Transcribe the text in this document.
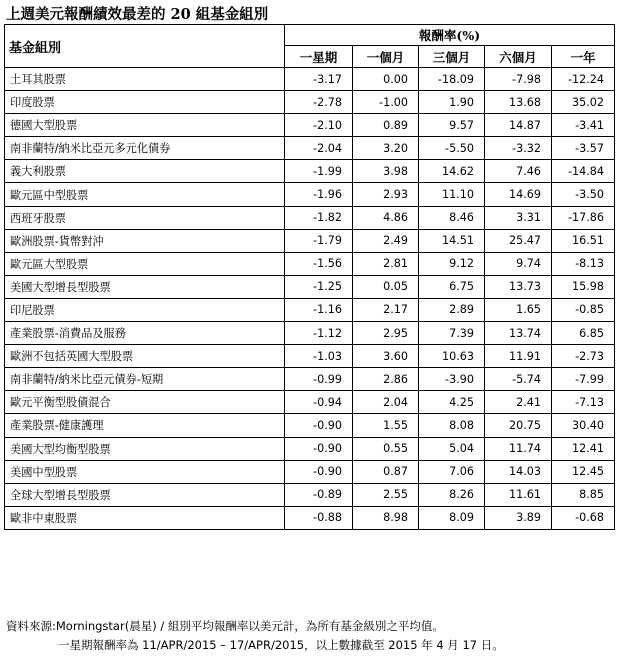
上週美元報酬績效最差的 20 組基金組別
基金組別	報酬率(%)				
	一星期	一個月	三個月	六個月	一年
土耳其股票	-3.17	0.00	-18.09	-7.98	-12.24
印度股票	-2.78	-1.00	1.90	13.68	35.02
德國大型股票	-2.10	0.89	9.57	14.87	-3.41
南非蘭特/納米比亞元多元化債券	-2.04	3.20	-5.50	-3.32	-3.57
義大利股票	-1.99	3.98	14.62	7.46	-14.84
歐元區中型股票	-1.96	2.93	11.10	14.69	-3.50
西班牙股票	-1.82	4.86	8.46	3.31	-17.86
歐洲股票-貨幣對沖	-1.79	2.49	14.51	25.47	16.51
歐元區大型股票	-1.56	2.81	9.12	9.74	-8.13
美國大型增長型股票	-1.25	0.05	6.75	13.73	15.98
印尼股票	-1.16	2.17	2.89	1.65	-0.85
產業股票-消費品及服務	-1.12	2.95	7.39	13.74	6.85
歐洲不包括英國大型股票	-1.03	3.60	10.63	11.91	-2.73
南非蘭特/納米比亞元債券-短期	-0.99	2.86	-3.90	-5.74	-7.99
歐元平衡型股債混合	-0.94	2.04	4.25	2.41	-7.13
產業股票-健康護理	-0.90	1.55	8.08	20.75	30.40
美國大型均衡型股票	-0.90	0.55	5.04	11.74	12.41
美國中型股票	-0.90	0.87	7.06	14.03	12.45
全球大型增長型股票	-0.89	2.55	8.26	11.61	8.85
歐非中東股票	-0.88	8.98	8.09	3.89	-0.68
資料來源:Morningstar(晨星) / 組別平均報酬率以美元計，為所有基金級別之平均值。
一星期報酬率為 11/APR/2015 – 17/APR/2015，以上數據截至 2015 年 4 月 17 日。
